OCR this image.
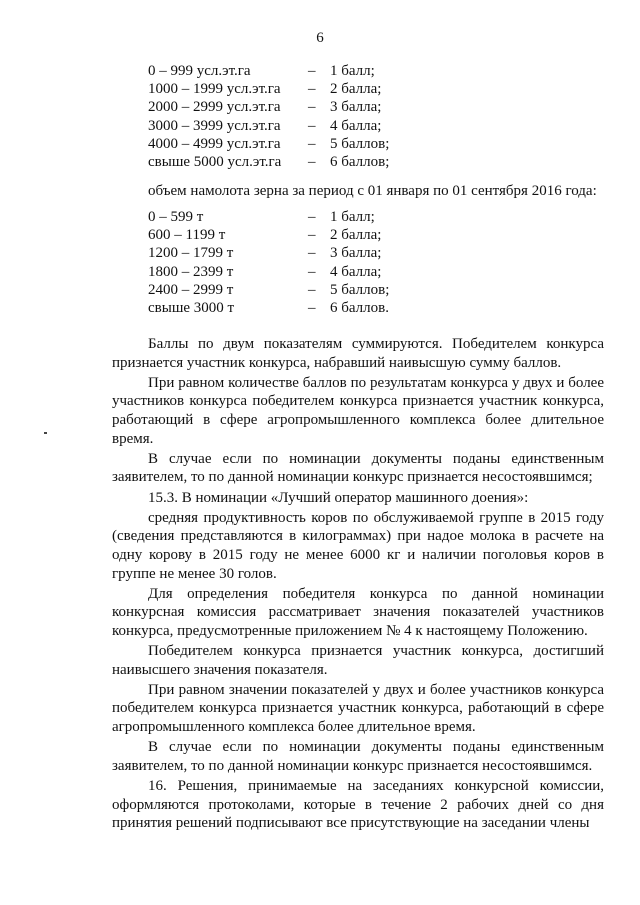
6
0 – 999 усл.эт.га	– 1 балл;
1000 – 1999 усл.эт.га	– 2 балла;
2000 – 2999 усл.эт.га	– 3 балла;
3000 – 3999 усл.эт.га	– 4 балла;
4000 – 4999 усл.эт.га	– 5 баллов;
свыше 5000 усл.эт.га	– 6 баллов;
объем намолота зерна за период с 01 января по 01 сентября 2016 года:
0 – 599 т	– 1 балл;
600 – 1199 т	– 2 балла;
1200 – 1799 т	– 3 балла;
1800 – 2399 т	– 4 балла;
2400 – 2999 т	– 5 баллов;
свыше 3000 т	– 6 баллов.

Баллы по двум показателям суммируются. Победителем конкурса признается участник конкурса, набравший наивысшую сумму баллов.

При равном количестве баллов по результатам конкурса у двух и более участников конкурса победителем конкурса признается участник конкурса, работающий в сфере агропромышленного комплекса более длительное время.

В случае если по номинации документы поданы единственным заявителем, то по данной номинации конкурс признается несостоявшимся;

15.3. В номинации «Лучший оператор машинного доения»:

средняя продуктивность коров по обслуживаемой группе в 2015 году (сведения представляются в килограммах) при надое молока в расчете на одну корову в 2015 году не менее 6000 кг и наличии поголовья коров в группе не менее 30 голов.

Для определения победителя конкурса по данной номинации конкурсная комиссия рассматривает значения показателей участников конкурса, предусмотренные приложением № 4 к настоящему Положению.

Победителем конкурса признается участник конкурса, достигший наивысшего значения показателя.

При равном значении показателей у двух и более участников конкурса победителем конкурса признается участник конкурса, работающий в сфере агропромышленного комплекса более длительное время.

В случае если по номинации документы поданы единственным заявителем, то по данной номинации конкурс признается несостоявшимся.

16. Решения, принимаемые на заседаниях конкурсной комиссии, оформляются протоколами, которые в течение 2 рабочих дней со дня принятия решений подписывают все присутствующие на заседании члены
